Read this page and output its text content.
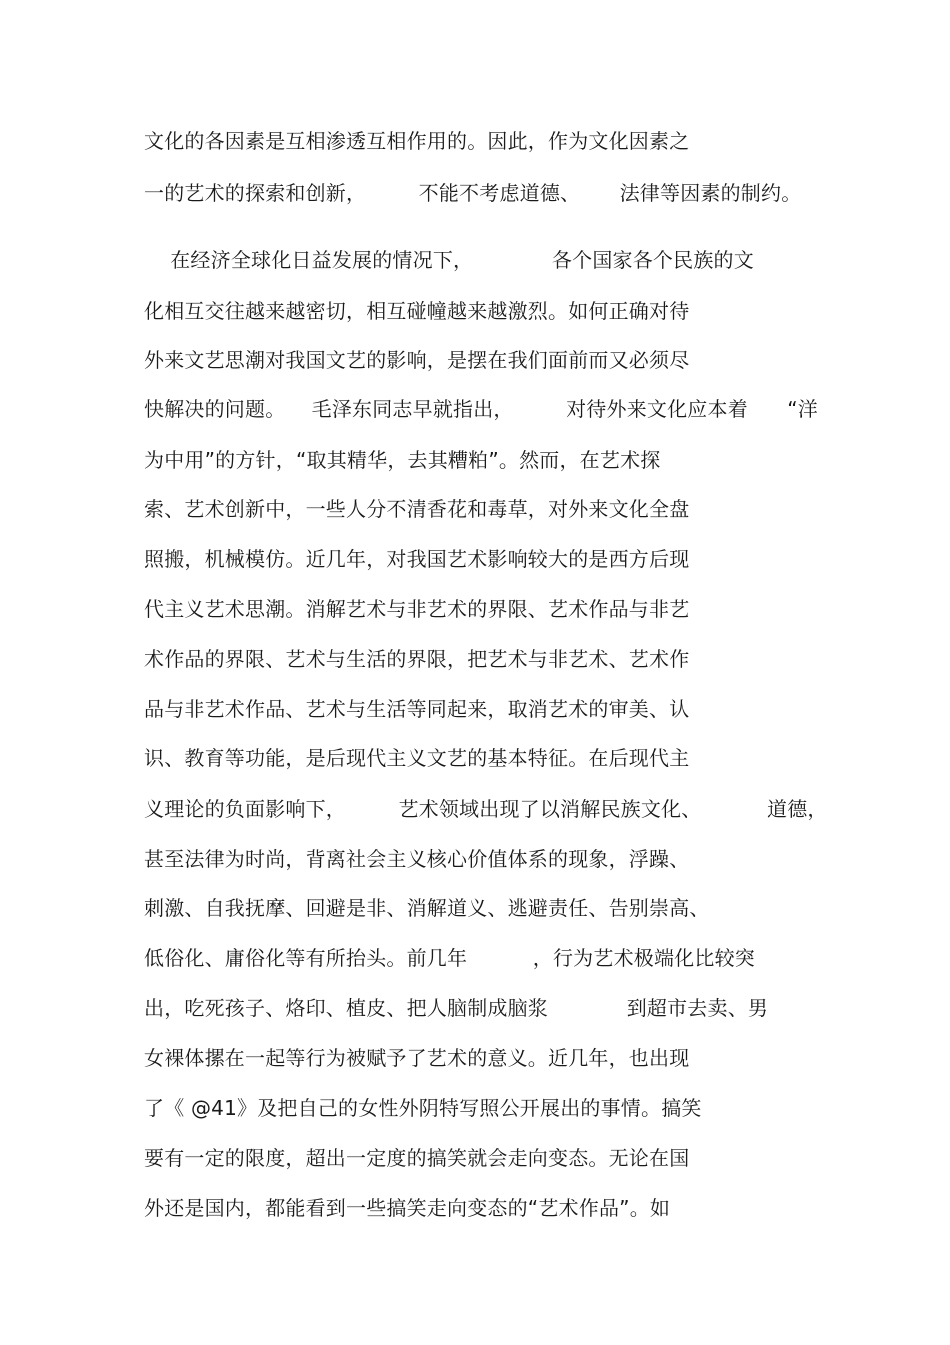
文化的各因素是互相渗透互相作用的。因此，作为文化因素之
一的艺术的探索和创新，        不能不考虑道德、      法律等因素的制约。
在经济全球化日益发展的情况下，            各个国家各个民族的文
化相互交往越来越密切，相互碰幢越来越激烈。如何正确对待
外来文艺思潮对我国文艺的影响，是摆在我们面前而又必须尽
快解决的问题。    毛泽东同志早就指出，        对待外来文化应本着      “洋
为中用”的方针，“取其精华，去其糟粕”。然而，在艺术探
索、艺术创新中，一些人分不清香花和毒草，对外来文化全盘
照搬，机械模仿。近几年，对我国艺术影响较大的是西方后现
代主义艺术思潮。消解艺术与非艺术的界限、艺术作品与非艺
术作品的界限、艺术与生活的界限，把艺术与非艺术、艺术作
品与非艺术作品、艺术与生活等同起来，取消艺术的审美、认
识、教育等功能，是后现代主义文艺的基本特征。在后现代主
义理论的负面影响下，        艺术领域出现了以消解民族文化、          道德，
甚至法律为时尚，背离社会主义核心价值体系的现象，浮躁、
刺激、自我抚摩、回避是非、消解道义、逃避责任、告别崇高、
低俗化、庸俗化等有所抬头。前几年          ，行为艺术极端化比较突
出，吃死孩子、烙印、植皮、把人脑制成脑浆            到超市去卖、男
女裸体摞在一起等行为被赋予了艺术的意义。近几年，也出现
了《 @41》及把自己的女性外阴特写照公开展出的事情。搞笑
要有一定的限度，超出一定度的搞笑就会走向变态。无论在国
外还是国内，都能看到一些搞笑走向变态的“艺术作品”。如
